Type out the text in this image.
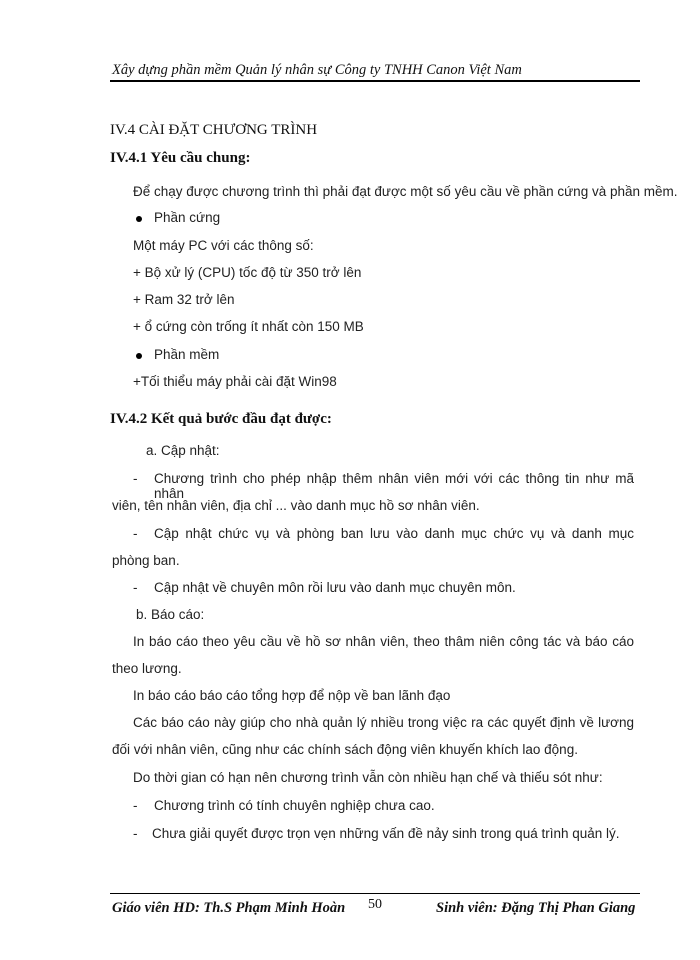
Xây dựng phần mềm Quản lý nhân sự Công ty TNHH Canon Việt Nam
IV.4 CÀI ĐẶT CHƯƠNG TRÌNH
IV.4.1 Yêu cầu chung:
Để chạy được chương trình thì phải đạt được một số yêu cầu về phần cứng và phần mềm.
Phần cứng
Một máy PC với các thông số:
+ Bộ xử lý (CPU) tốc độ từ 350 trở lên
+ Ram 32 trở lên
+ ổ cứng còn trống ít nhất còn 150 MB
Phần mềm
+Tối thiểu máy phải cài đặt Win98
IV.4.2 Kết quả bước đầu đạt được:
a. Cập nhật:
- Chương trình cho phép nhập thêm nhân viên mới với các thông tin như mã nhân
viên, tên nhân viên, địa chỉ ... vào danh mục hồ sơ nhân viên.
- Cập nhật chức vụ và phòng ban lưu vào danh mục chức vụ và danh mục
phòng ban.
- Cập nhật về chuyên môn rồi lưu vào danh mục chuyên môn.
b. Báo cáo:
In báo cáo theo yêu cầu về hồ sơ nhân viên, theo thâm niên công tác và báo cáo
theo lương.
In báo cáo báo cáo tổng hợp để nộp về ban lãnh đạo
Các báo cáo này giúp cho nhà quản lý nhiều trong việc ra các quyết định về lương
đối với nhân viên, cũng như các chính sách động viên khuyến khích lao động.
Do thời gian có hạn nên chương trình vẫn còn nhiều hạn chế và thiếu sót như:
- Chương trình có tính chuyên nghiệp chưa cao.
- Chưa giải quyết được trọn vẹn những vấn đề nảy sinh trong quá trình quản lý.
Giáo viên HD: Th.S Phạm Minh Hoàn 50	Sinh viên: Đặng Thị Phan Giang
